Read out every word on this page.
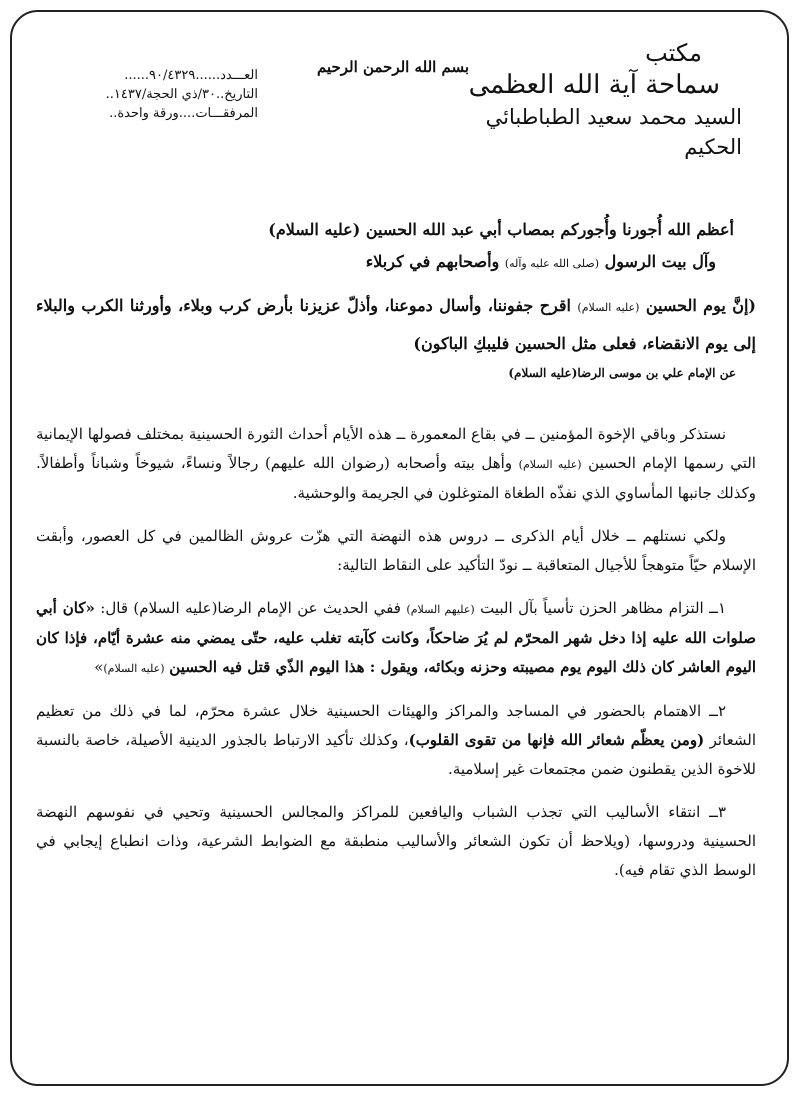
مكتب
سماحة آية الله العظمى
السيد محمد سعيد الطباطبائي الحكيم
بسم الله الرحمن الرحيم
العـــدد......٩٠/٤٣٢٩......
التاريخ..٣٠/ذي الحجة/١٤٣٧..
المرفقـــات....ورقة واحدة..
أعظم الله أُجورنا وأُجوركم بمصاب أبي عبد الله الحسين (عليه السلام)
وآل بيت الرسول (صلى الله عليه وآله) وأصحابهم في كربلاء
(إنَّ يوم الحسين (عليه السلام) اقرح جفوننا، وأسال دموعنا، وأذلّ عزيزنا بأرض كرب وبلاء، وأورثنا الكرب والبلاء إلى يوم الانقضاء، فعلى مثل الحسين فليبكِ الباكون)
عن الإمام علي بن موسى الرضا(عليه السلام)
نستذكر وباقي الإخوة المؤمنين ــ في بقاع المعمورة ــ هذه الأيام أحداث الثورة الحسينية بمختلف فصولها الإيمانية التي رسمها الإمام الحسين (عليه السلام) وأهل بيته وأصحابه (رضوان الله عليهم) رجالاً ونساءً، شيوخاً وشباناً وأطفالاً. وكذلك جانبها المأساوي الذي نفذّه الطغاة المتوغلون في الجريمة والوحشية.
ولكي نستلهم ــ خلال أيام الذكرى ــ دروس هذه النهضة التي هزّت عروش الظالمين في كل العصور، وأبقت الإسلام حيّاً متوهجاً للأجيال المتعاقبة ــ نودّ التأكيد على النقاط التالية:
١ــ التزام مظاهر الحزن تأسياً بآل البيت (عليهم السلام) ففي الحديث عن الإمام الرضا(عليه السلام) قال: «كان أبي صلوات الله عليه إذا دخل شهر المحرّم لم يُرَ ضاحكاً، وكانت كآبته تغلب عليه، حتّى يمضي منه عشرة أيّام، فإذا كان اليوم العاشر كان ذلك اليوم يوم مصيبته وحزنه وبكائه، ويقول : هذا اليوم الذّي قتل فيه الحسين (عليه السلام)»
٢ــ الاهتمام بالحضور في المساجد والمراكز والهيئات الحسينية خلال عشرة محرّم، لما في ذلك من تعظيم الشعائر (ومن يعظّم شعائر الله فإنها من تقوى القلوب)، وكذلك تأكيد الارتباط بالجذور الدينية الأصيلة، خاصة بالنسبة للاخوة الذين يقطنون ضمن مجتمعات غير إسلامية.
٣ــ انتقاء الأساليب التي تجذب الشباب واليافعين للمراكز والمجالس الحسينية وتحيي في نفوسهم النهضة الحسينية ودروسها، (ويلاحظ أن تكون الشعائر والأساليب منطبقة مع الضوابط الشرعية، وذات انطباع إيجابي في الوسط الذي تقام فيه).
